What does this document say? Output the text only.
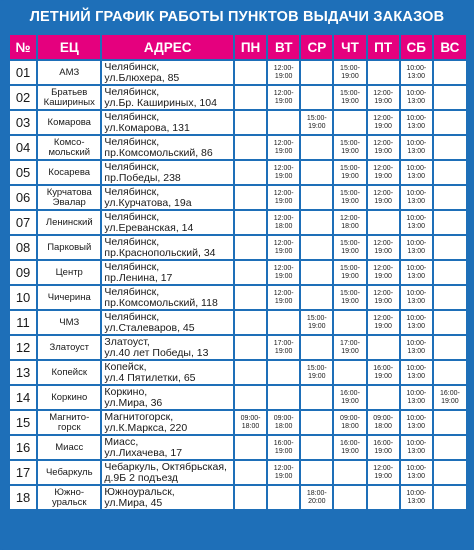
ЛЕТНИЙ ГРАФИК РАБОТЫ ПУНКТОВ ВЫДАЧИ ЗАКАЗОВ
№	ЕЦ	АДРЕС	ПН	ВТ	СР	ЧТ	ПТ	СБ	ВС
01	АМЗ	Челябинск,
ул.Блюхера, 85		12:00-
19:00		15:00-
19:00		10:00-
13:00	

02	Братьев
Кашириных	Челябинск,
ул.Бр. Кашириных, 104		12:00-
19:00		15:00-
19:00	12:00-
19:00	10:00-
13:00	

03	Комарова	Челябинск,
ул.Комарова, 131			15:00-
19:00		12:00-
19:00	10:00-
13:00	

04	Комсо-
мольский	Челябинск,
пр.Комсомольский, 86		12:00-
19:00		15:00-
19:00	12:00-
19:00	10:00-
13:00	

05	Косарева	Челябинск,
пр.Победы, 238		12:00-
19:00		15:00-
19:00	12:00-
19:00	10:00-
13:00	

06	Курчатова
Эвалар	Челябинск,
ул.Курчатова, 19а		12:00-
19:00		15:00-
19:00	12:00-
19:00	10:00-
13:00	

07	Ленинский	Челябинск,
ул.Ереванская, 14		12:00-
18:00		12:00-
18:00		10:00-
13:00	

08	Парковый	Челябинск,
пр.Краснопольский, 34		12:00-
19:00		15:00-
19:00	12:00-
19:00	10:00-
13:00	

09	Центр	Челябинск,
пр.Ленина, 17		12:00-
19:00		15:00-
19:00	12:00-
19:00	10:00-
13:00	

10	Чичерина	Челябинск,
пр.Комсомольский, 118		12:00-
19:00		15:00-
19:00	12:00-
19:00	10:00-
13:00	

11	ЧМЗ	Челябинск,
ул.Сталеваров, 45			15:00-
19:00		12:00-
19:00	10:00-
13:00	

12	Златоуст	Златоуст,
ул.40 лет Победы, 13		17:00-
19:00		17:00-
19:00		10:00-
13:00	

13	Копейск	Копейск,
ул.4 Пятилетки, 65			15:00-
19:00		16:00-
19:00	10:00-
13:00	

14	Коркино	Коркино,
ул.Мира, 36				16:00-
19:00		10:00-
13:00	16:00-
19:00

15	Магнито-
горск	Магнитогорск,
ул.К.Маркса, 220	09:00-
18:00	09:00-
18:00		09:00-
18:00	09:00-
18:00	10:00-
13:00	

16	Миасс	Миасс,
ул.Лихачева, 17		16:00-
19:00		16:00-
19:00	16:00-
19:00	10:00-
13:00	

17	Чебаркуль	Чебаркуль, Октябрьская,
д.9Б 2 подъезд		12:00-
19:00			12:00-
19:00	10:00-
13:00	

18	Южно-
уральск	Южноуральск,
ул.Мира, 45			18:00-
20:00			10:00-
13:00	
